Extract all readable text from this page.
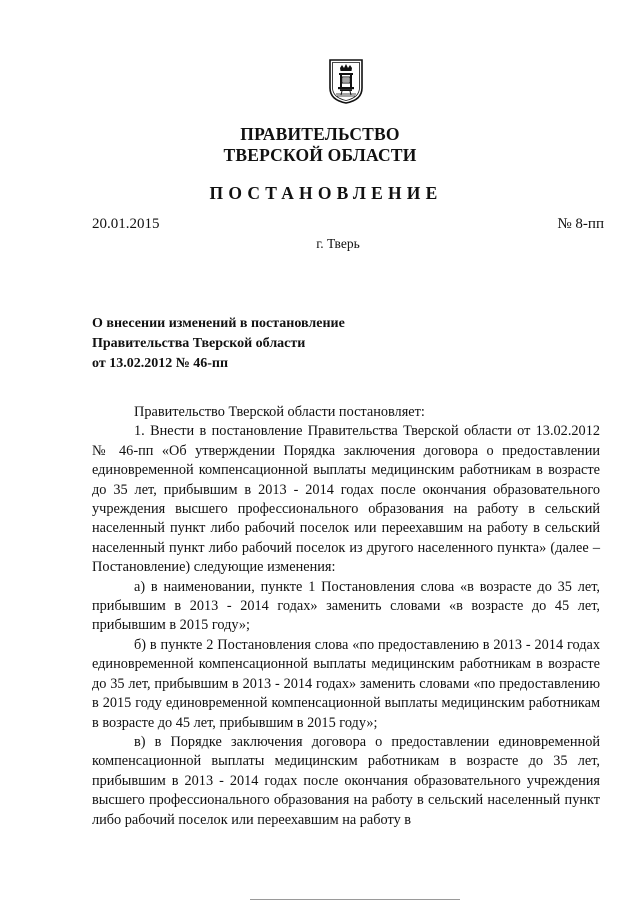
ПРАВИТЕЛЬСТВО
ТВЕРСКОЙ ОБЛАСТИ
ПОСТАНОВЛЕНИЕ
20.01.2015	№ 8-пп
г. Тверь
О внесении изменений в постановление
Правительства Тверской области
от 13.02.2012 № 46-пп

Правительство Тверской области постановляет:

1. Внести в постановление Правительства Тверской области от 13.02.2012 № 46-пп «Об утверждении Порядка заключения договора о предоставлении единовременной компенсационной выплаты медицинским работникам в возрасте до 35 лет, прибывшим в 2013 - 2014 годах после окончания образовательного учреждения высшего профессионального образования на работу в сельский населенный пункт либо рабочий поселок или переехавшим на работу в сельский населенный пункт либо рабочий поселок из другого населенного пункта» (далее – Постановление) следующие изменения:

а) в наименовании, пункте 1 Постановления слова «в возрасте до 35 лет, прибывшим в 2013 - 2014 годах» заменить словами «в возрасте до 45 лет, прибывшим в 2015 году»;

б) в пункте 2 Постановления слова «по предоставлению в 2013 - 2014 годах единовременной компенсационной выплаты медицинским работникам в возрасте до 35 лет, прибывшим в 2013 - 2014 годах» заменить словами «по предоставлению в 2015 году единовременной компенсационной выплаты медицинским работникам в возрасте до 45 лет, прибывшим в 2015 году»;

в) в Порядке заключения договора о предоставлении единовременной компенсационной выплаты медицинским работникам в возрасте до 35 лет, прибывшим в 2013 - 2014 годах после окончания образовательного учреждения высшего профессионального образования на работу в сельский населенный пункт либо рабочий поселок или переехавшим на работу в
